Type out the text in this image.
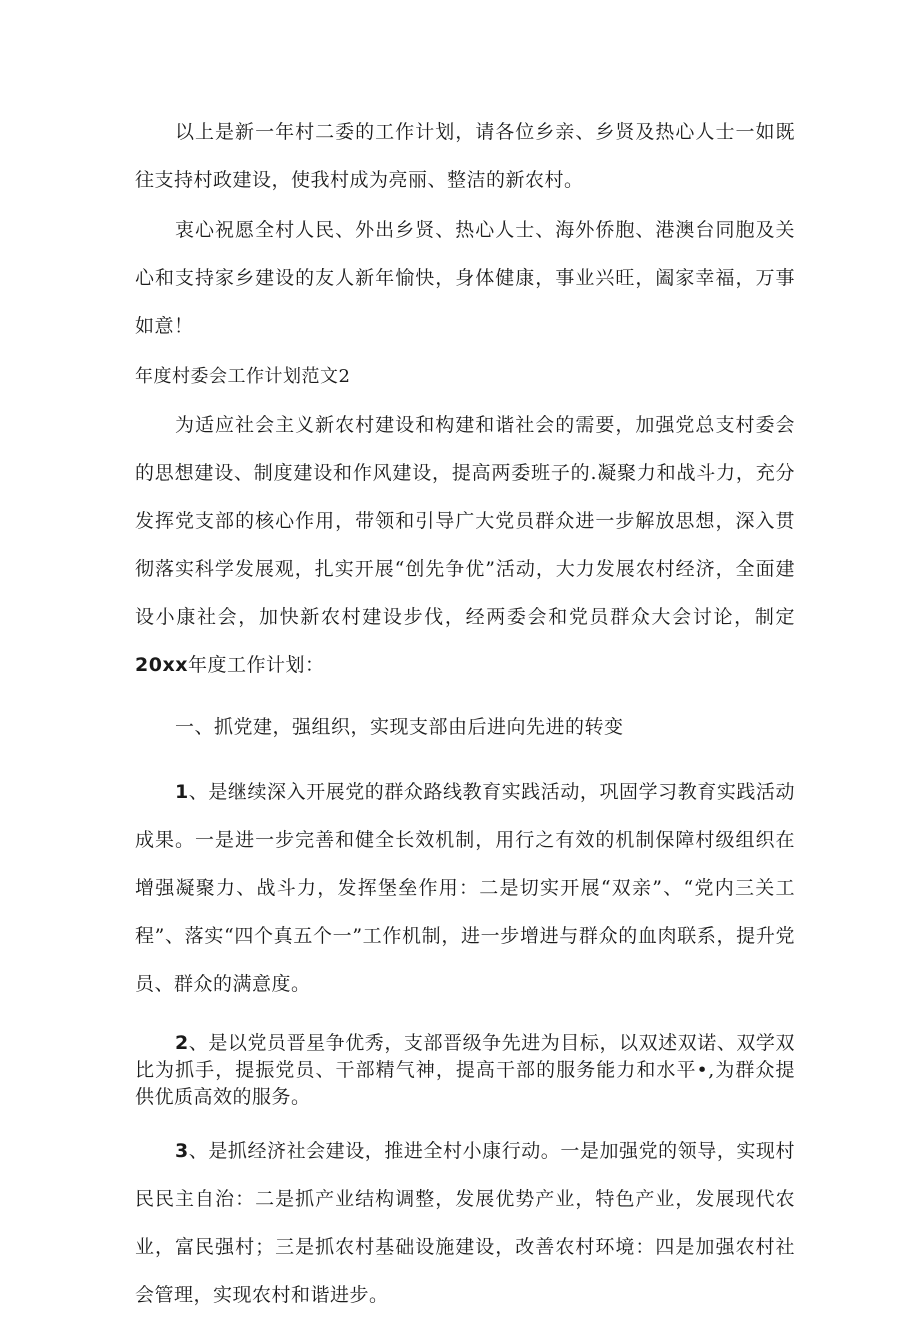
以上是新一年村二委的工作计划，请各位乡亲、乡贤及热心人士一如既往支持村政建设，使我村成为亮丽、整洁的新农村。

衷心祝愿全村人民、外出乡贤、热心人士、海外侨胞、港澳台同胞及关心和支持家乡建设的友人新年愉快，身体健康，事业兴旺，阖家幸福，万事如意！

年度村委会工作计划范文2

为适应社会主义新农村建设和构建和谐社会的需要，加强党总支村委会的思想建设、制度建设和作风建设，提高两委班子的.凝聚力和战斗力，充分发挥党支部的核心作用，带领和引导广大党员群众进一步解放思想，深入贯彻落实科学发展观，扎实开展“创先争优”活动，大力发展农村经济，全面建设小康社会，加快新农村建设步伐，经两委会和党员群众大会讨论，制定20xx年度工作计划：

一、抓党建，强组织，实现支部由后进向先进的转变

1、是继续深入开展党的群众路线教育实践活动，巩固学习教育实践活动成果。一是进一步完善和健全长效机制，用行之有效的机制保障村级组织在增强凝聚力、战斗力，发挥堡垒作用：二是切实开展“双亲”、“党内三关工程”、落实“四个真五个一”工作机制，进一步增进与群众的血肉联系，提升党员、群众的满意度。

2、是以党员晋星争优秀，支部晋级争先进为目标，以双述双诺、双学双比为抓手，提振党员、干部精气神，提高干部的服务能力和水平•,为群众提供优质高效的服务。

3、是抓经济社会建设，推进全村小康行动。一是加强党的领导，实现村民民主自治：二是抓产业结构调整，发展优势产业，特色产业，发展现代农业，富民强村；三是抓农村基础设施建设，改善农村环境：四是加强农村社会管理，实现农村和谐进步。
